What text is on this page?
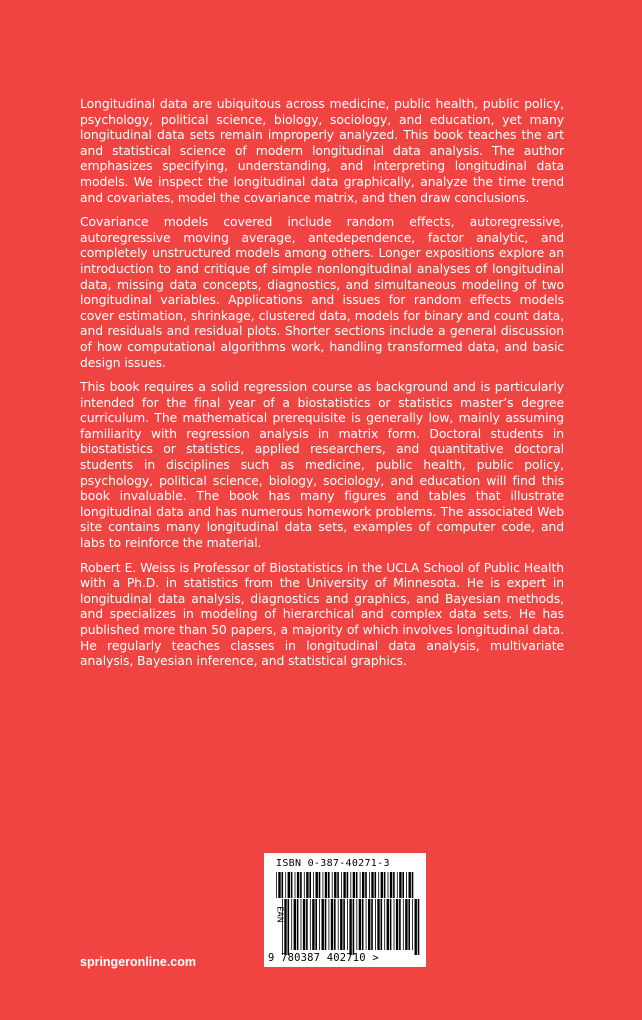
Longitudinal data are ubiquitous across medicine, public health, public policy, psychology, political science, biology, sociology, and education, yet many longitudinal data sets remain improperly analyzed. This book teaches the art and statistical science of modern longitudinal data analysis. The author emphasizes specifying, understanding, and interpreting longitudinal data models. We inspect the longitudinal data graphically, analyze the time trend and covariates, model the covariance matrix, and then draw conclusions.

Covariance models covered include random effects, autoregressive, autoregressive moving average, antedependence, factor analytic, and completely unstructured models among others. Longer expositions explore an introduction to and critique of simple nonlongitudinal analyses of longitudinal data, missing data concepts, diagnostics, and simultaneous modeling of two longitudinal variables. Applications and issues for random effects models cover estimation, shrinkage, clustered data, models for binary and count data, and residuals and residual plots. Shorter sections include a general discussion of how computational algorithms work, handling transformed data, and basic design issues.

This book requires a solid regression course as background and is particularly intended for the final year of a biostatistics or statistics master’s degree curriculum. The mathematical prerequisite is generally low, mainly assuming familiarity with regression analysis in matrix form. Doctoral students in biostatistics or statistics, applied researchers, and quantitative doctoral students in disciplines such as medicine, public health, public policy, psychology, political science, biology, sociology, and education will find this book invaluable. The book has many figures and tables that illustrate longitudinal data and has numerous homework problems. The associated Web site contains many longitudinal data sets, examples of computer code, and labs to reinforce the material.

Robert E. Weiss is Professor of Biostatistics in the UCLA School of Public Health with a Ph.D. in statistics from the University of Minnesota. He is expert in longitudinal data analysis, diagnostics and graphics, and Bayesian methods, and specializes in modeling of hierarchical and complex data sets. He has published more than 50 papers, a majority of which involves longitudinal data. He regularly teaches classes in longitudinal data analysis, multivariate analysis, Bayesian inference, and statistical graphics.

ISBN 0-387-40271-3
EAN
9 780387 402710 >
springeronline.com
